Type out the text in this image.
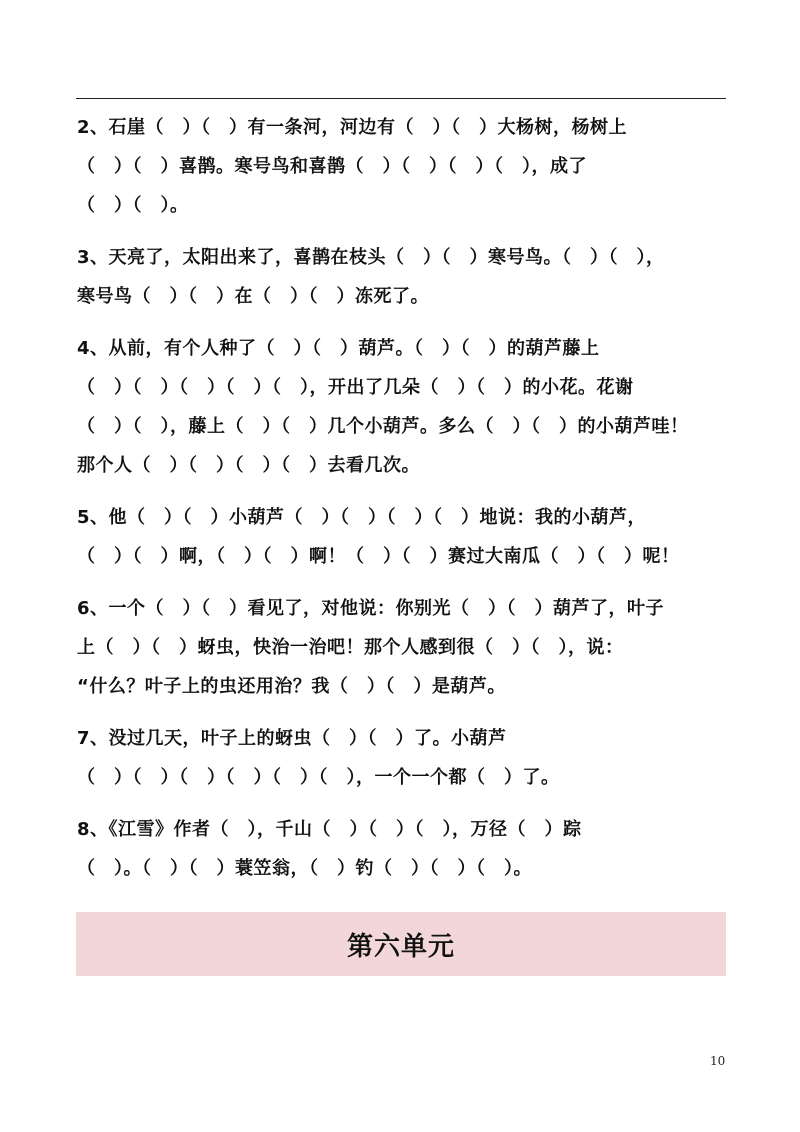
2、石崖（　）（　）有一条河，河边有（　）（　）大杨树，杨树上
（　）（　）喜鹊。寒号鸟和喜鹊（　）（　）（　）（　），成了
（　）（　）。
3、天亮了，太阳出来了，喜鹊在枝头（　）（　）寒号鸟。（　）（　），
寒号鸟（　）（　）在（　）（　）冻死了。
4、从前，有个人种了（　）（　）葫芦。（　）（　）的葫芦藤上
（　）（　）（　）（　）（　），开出了几朵（　）（　）的小花。花谢
（　）（　），藤上（　）（　）几个小葫芦。多么（　）（　）的小葫芦哇！
那个人（　）（　）（　）（　）去看几次。
5、他（　）（　）小葫芦（　）（　）（　）（　）地说：我的小葫芦，
（　）（　）啊，（　）（　）啊！（　）（　）赛过大南瓜（　）（　）呢！
6、一个（　）（　）看见了，对他说：你别光（　）（　）葫芦了，叶子
上（　）（　）蚜虫，快治一治吧！那个人感到很（　）（　），说：
“什么？叶子上的虫还用治？我（　）（　）是葫芦。
7、没过几天，叶子上的蚜虫（　）（　）了。小葫芦
（　）（　）（　）（　）（　）（　），一个一个都（　）了。
8、《江雪》作者（　），千山（　）（　）（　），万径（　）踪
（　）。（　）（　）蓑笠翁，（　）钓（　）（　）（　）。
第六单元
10
